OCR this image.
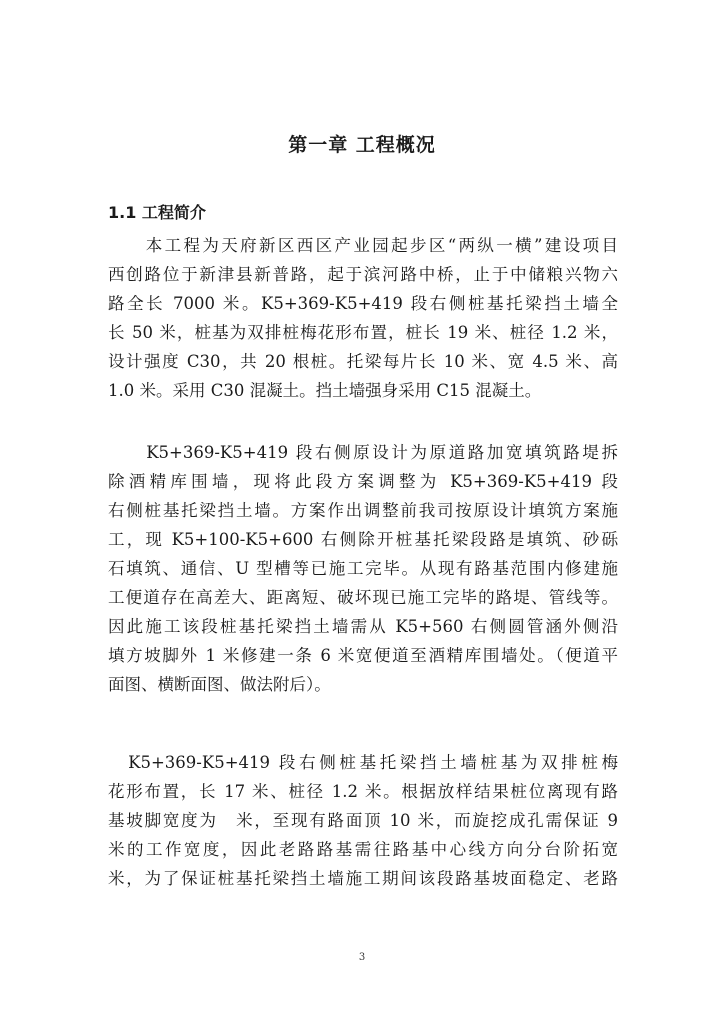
第一章 工程概况
1.1 工程简介
　　本工程为天府新区西区产业园起步区“两纵一横”建设项目
西创路位于新津县新普路，起于滨河路中桥，止于中储粮兴物六
路全长 7000 米。K5+369-K5+419 段右侧桩基托梁挡土墙全
长 50 米，桩基为双排桩梅花形布置，桩长 19 米、桩径 1.2 米，
设计强度 C30，共 20 根桩。托梁每片长 10 米、宽 4.5 米、高
1.0 米。采用 C30 混凝土。挡土墙强身采用 C15 混凝土。
　　K5+369-K5+419 段右侧原设计为原道路加宽填筑路堤拆
除酒精库围墙，现将此段方案调整为 K5+369-K5+419 段
右侧桩基托梁挡土墙。方案作出调整前我司按原设计填筑方案施
工，现 K5+100-K5+600 右侧除开桩基托梁段路是填筑、砂砾
石填筑、通信、U 型槽等已施工完毕。从现有路基范围内修建施
工便道存在高差大、距离短、破坏现已施工完毕的路堤、管线等。
因此施工该段桩基托梁挡土墙需从 K5+560 右侧圆管涵外侧沿
填方坡脚外 1 米修建一条 6 米宽便道至酒精库围墙处。（便道平
面图、横断面图、做法附后）。
　K5+369-K5+419 段右侧桩基托梁挡土墙桩基为双排桩梅
花形布置，长 17 米、桩径 1.2 米。根据放样结果桩位离现有路
基坡脚宽度为　米，至现有路面顶 10 米，而旋挖成孔需保证 9
米的工作宽度，因此老路路基需往路基中心线方向分台阶拓宽
米，为了保证桩基托梁挡土墙施工期间该段路基坡面稳定、老路
3
